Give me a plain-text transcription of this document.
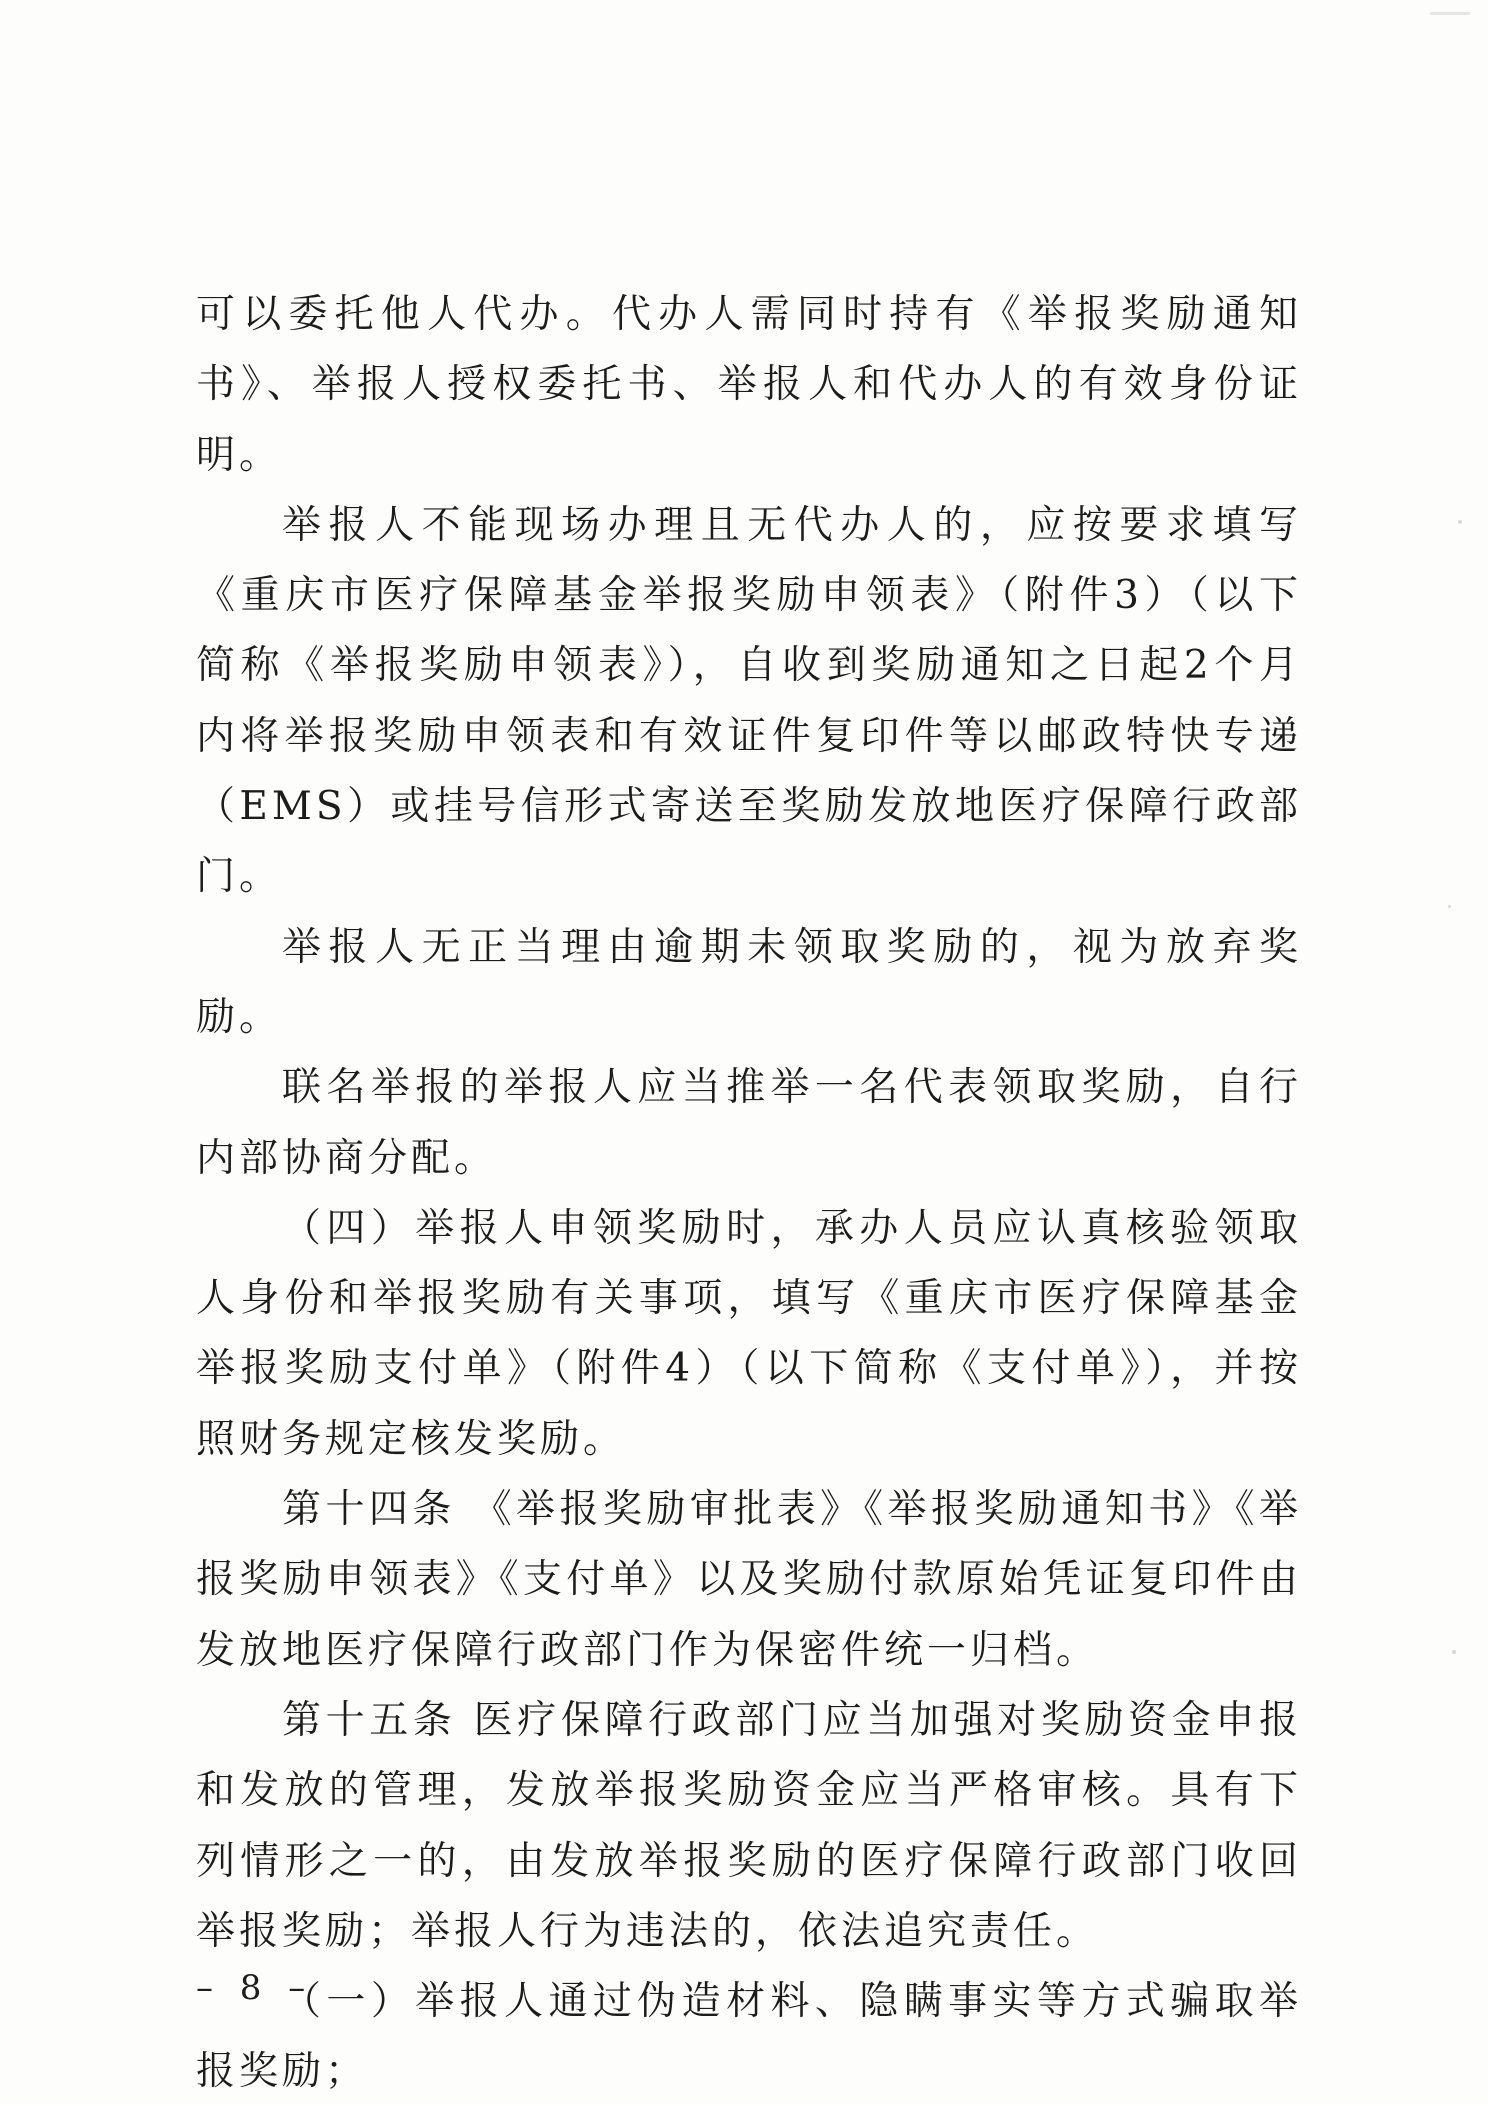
可以委托他人代办。代办人需同时持有《举报奖励通知书》、举报人授权委托书、举报人和代办人的有效身份证明。

举报人不能现场办理且无代办人的，应按要求填写《重庆市医疗保障基金举报奖励申领表》（附件3）（以下简称《举报奖励申领表》），自收到奖励通知之日起2个月内将举报奖励申领表和有效证件复印件等以邮政特快专递（EMS）或挂号信形式寄送至奖励发放地医疗保障行政部门。

举报人无正当理由逾期未领取奖励的，视为放弃奖励。

联名举报的举报人应当推举一名代表领取奖励，自行内部协商分配。

（四）举报人申领奖励时，承办人员应认真核验领取人身份和举报奖励有关事项，填写《重庆市医疗保障基金举报奖励支付单》（附件4）（以下简称《支付单》），并按照财务规定核发奖励。

第十四条 《举报奖励审批表》《举报奖励通知书》《举报奖励申领表》《支付单》以及奖励付款原始凭证复印件由发放地医疗保障行政部门作为保密件统一归档。

第十五条 医疗保障行政部门应当加强对奖励资金申报和发放的管理，发放举报奖励资金应当严格审核。具有下列情形之一的，由发放举报奖励的医疗保障行政部门收回举报奖励；举报人行为违法的，依法追究责任。

（一）举报人通过伪造材料、隐瞒事实等方式骗取举报奖励；

– 8 –
